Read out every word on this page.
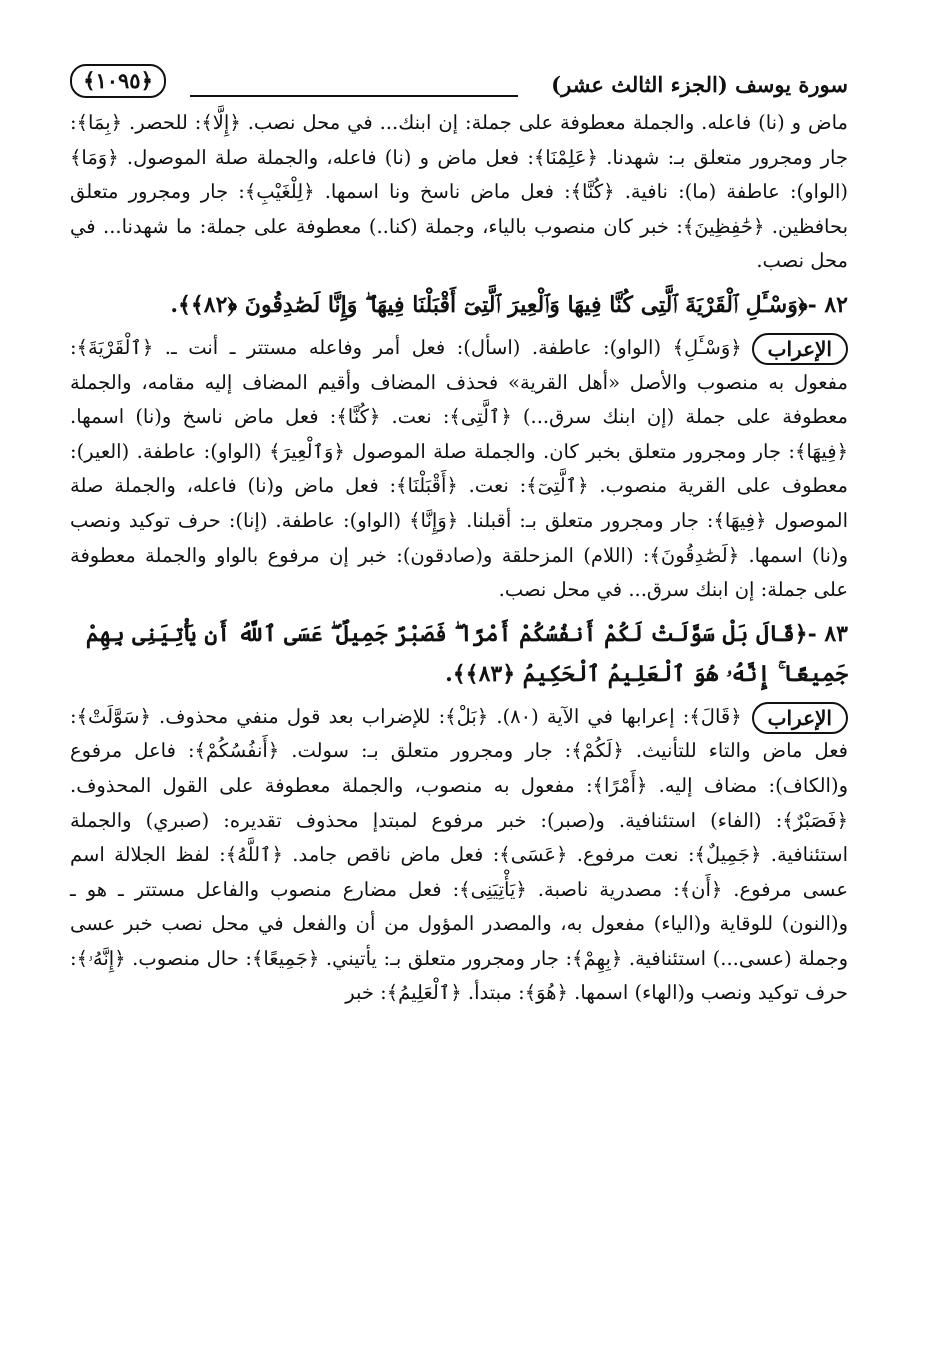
سورة يوسف (الجزء الثالث عشر)
﴿١٠٩٥﴾

ماض و (نا) فاعله. والجملة معطوفة على جملة: إن ابنك... في محل نصب. ﴿إِلَّا﴾: للحصر. ﴿بِمَا﴾: جار ومجرور متعلق بـ: شهدنا. ﴿عَلِمْنَا﴾: فعل ماض و (نا) فاعله، والجملة صلة الموصول. ﴿وَمَا﴾ (الواو): عاطفة (ما): نافية. ﴿كُنَّا﴾: فعل ماض ناسخ ونا اسمها. ﴿لِلْغَيْبِ﴾: جار ومجرور متعلق بحافظين. ﴿حَٰفِظِينَ﴾: خبر كان منصوب بالياء، وجملة (كنا..) معطوفة على جملة: ما شهدنا... في محل نصب.

٨٢ -﴿وَسْـَٔلِ ٱلْقَرْيَةَ ٱلَّتِى كُنَّا فِيهَا وَٱلْعِيرَ ٱلَّتِىٓ أَقْبَلْنَا فِيهَا ۖ وَإِنَّا لَصَٰدِقُونَ ﴿٨٢﴾﴾.
الإعراب

﴿وَسْـَٔلِ﴾ (الواو): عاطفة. (اسأل): فعل أمر وفاعله مستتر ـ أنت ـ. ﴿ٱلْقَرْيَةَ﴾: مفعول به منصوب والأصل «أهل القرية» فحذف المضاف وأقيم المضاف إليه مقامه، والجملة معطوفة على جملة (إن ابنك سرق...) ﴿ٱلَّتِى﴾: نعت. ﴿كُنَّا﴾: فعل ماض ناسخ و(نا) اسمها. ﴿فِيهَا﴾: جار ومجرور متعلق بخبر كان. والجملة صلة الموصول ﴿وَٱلْعِيرَ﴾ (الواو): عاطفة. (العير): معطوف على القرية منصوب. ﴿ٱلَّتِىٓ﴾: نعت. ﴿أَقْبَلْنَا﴾: فعل ماض و(نا) فاعله، والجملة صلة الموصول ﴿فِيهَا﴾: جار ومجرور متعلق بـ: أقبلنا. ﴿وَإِنَّا﴾ (الواو): عاطفة. (إنا): حرف توكيد ونصب و(نا) اسمها. ﴿لَصَٰدِقُونَ﴾: (اللام) المزحلقة و(صادقون): خبر إن مرفوع بالواو والجملة معطوفة على جملة: إن ابنك سرق... في محل نصب.

٨٣ -﴿قَالَ بَلْ سَوَّلَتْ لَكُمْ أَنفُسُكُمْ أَمْرًا ۖ فَصَبْرٌ جَمِيلٌ ۖ عَسَى ٱللَّهُ أَن يَأْتِيَنِى بِهِمْ جَمِيعًا ۚ إِنَّهُۥ هُوَ ٱلْعَلِيمُ ٱلْحَكِيمُ ﴿٨٣﴾﴾.
الإعراب

﴿قَالَ﴾: إعرابها في الآية (٨٠). ﴿بَلْ﴾: للإضراب بعد قول منفي محذوف. ﴿سَوَّلَتْ﴾: فعل ماض والتاء للتأنيث. ﴿لَكُمْ﴾: جار ومجرور متعلق بـ: سولت. ﴿أَنفُسُكُمْ﴾: فاعل مرفوع و(الكاف): مضاف إليه. ﴿أَمْرًا﴾: مفعول به منصوب، والجملة معطوفة على القول المحذوف. ﴿فَصَبْرٌ﴾: (الفاء) استئنافية. و(صبر): خبر مرفوع لمبتدإ محذوف تقديره: (صبري) والجملة استئنافية. ﴿جَمِيلٌ﴾: نعت مرفوع. ﴿عَسَى﴾: فعل ماض ناقص جامد. ﴿ٱللَّهُ﴾: لفظ الجلالة اسم عسى مرفوع. ﴿أَن﴾: مصدرية ناصبة. ﴿يَأْتِيَنِى﴾: فعل مضارع منصوب والفاعل مستتر ـ هو ـ و(النون) للوقاية و(الياء) مفعول به، والمصدر المؤول من أن والفعل في محل نصب خبر عسى وجملة (عسى...) استئنافية. ﴿بِهِمْ﴾: جار ومجرور متعلق بـ: يأتيني. ﴿جَمِيعًا﴾: حال منصوب. ﴿إِنَّهُۥ﴾: حرف توكيد ونصب و(الهاء) اسمها. ﴿هُوَ﴾: مبتدأ. ﴿ٱلْعَلِيمُ﴾: خبر
